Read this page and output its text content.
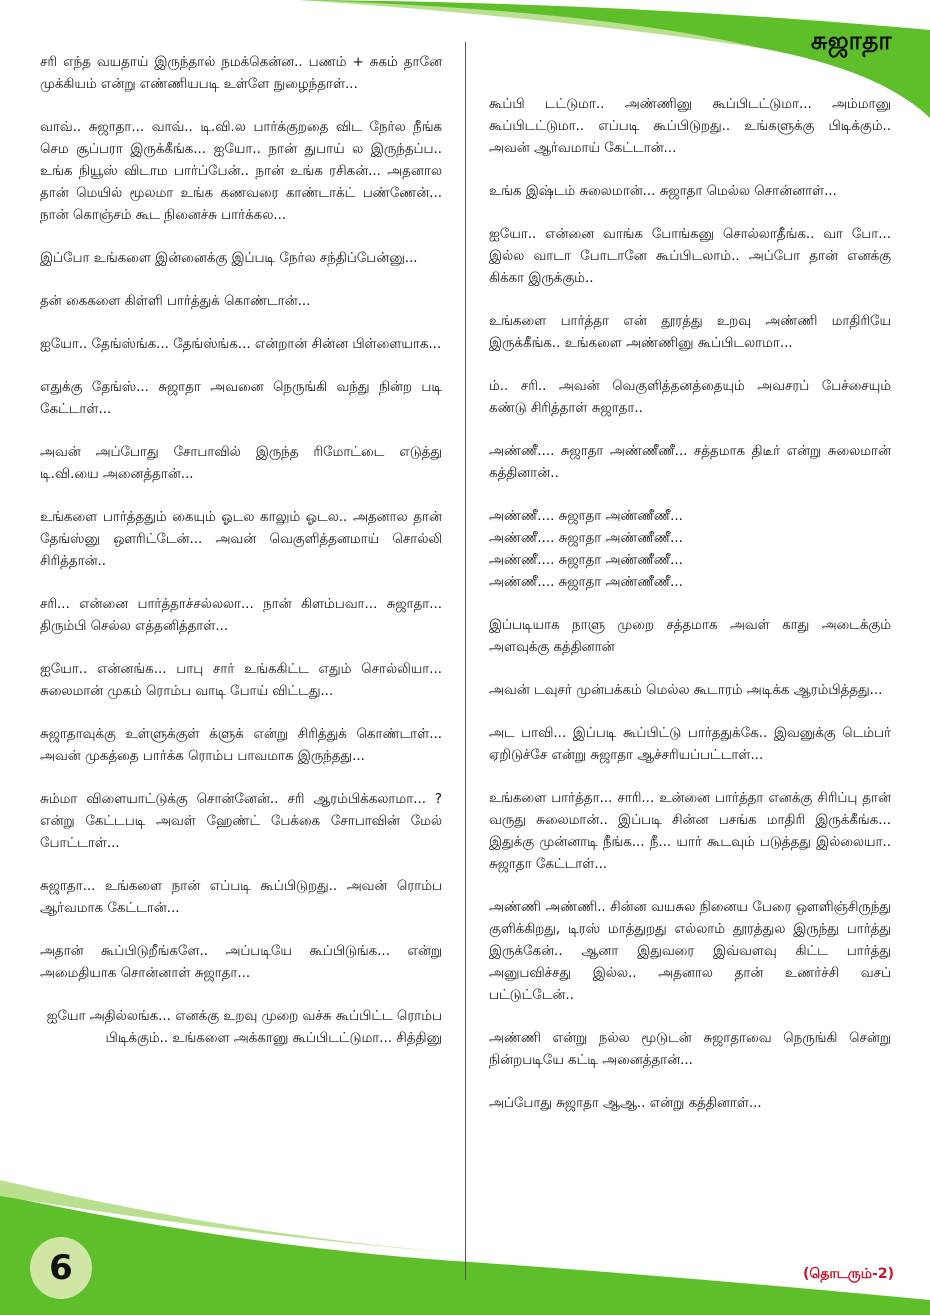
சுஜாதா

சரி எந்த வயதாய் இருந்தால் நமக்கென்ன.. பணம் + சுகம் தானே முக்கியம் என்று எண்ணியபடி உள்ளே நுழைந்தாள்...

வாவ்.. சுஜாதா... வாவ்.. டி.வி.ல பார்க்குறதை விட நேர்ல நீங்க செம சூப்பரா இருக்கீங்க... ஐயோ.. நான் துபாய் ல இருந்தப்ப.. உங்க நியூஸ் விடாம பார்ப்பேன்.. நான் உங்க ரசிகன்... அதனால தான் மெயில் மூலமா உங்க கணவரை காண்டாக்ட் பண்ணேன்... நான் கொஞ்சம் கூட நினைச்சு பார்க்கல...

இப்போ உங்களை இன்னைக்கு இப்படி நேர்ல சந்திப்பேன்னு...

தன் கைகளை கிள்ளி பார்த்துக் கொண்டான்...

ஐயோ.. தேங்ஸ்ங்க... தேங்ஸ்ங்க... என்றான் சின்ன பிள்ளையாக...

எதுக்கு தேங்ஸ்... சுஜாதா அவனை நெருங்கி வந்து நின்ற படி கேட்டாள்...

அவன் அப்போது சோபாவில் இருந்த ரிமோட்டை எடுத்து டி.வி.யை அனைத்தான்...

உங்களை பார்த்ததும் கையும் ஓடல காலும் ஓடல.. அதனால தான் தேங்ஸ்னு ஔரிட்டேன்... அவன் வெகுளித்தனமாய் சொல்லி சிரித்தான்..

சரி... என்னை பார்த்தாச்சல்லலா... நான் கிளம்பவா... சுஜாதா... திரும்பி செல்ல எத்தனித்தாள்...

ஐயோ.. என்னங்க... பாபு சார் உங்ககிட்ட எதும் சொல்லியா... சுலைமான் முகம் ரொம்ப வாடி போய் விட்டது...

சுஜாதாவுக்கு உள்ளுக்குள் க்ளுக் என்று சிரித்துக் கொண்டாள்... அவன் முகத்தை பார்க்க ரொம்ப பாவமாக இருந்தது...

சும்மா விளையாட்டுக்கு சொன்னேன்.. சரி ஆரம்பிக்கலாமா... ? என்று கேட்டபடி அவள் ஹேண்ட் பேக்கை சோபாவின் மேல் போட்டாள்...

சுஜாதா... உங்களை நான் எப்படி கூப்பிடுறது.. அவன் ரொம்ப ஆர்வமாக கேட்டான்...

அதான் கூப்பிடுறீங்களே.. அப்படியே கூப்பிடுங்க... என்று அமைதியாக சொன்னாள் சுஜாதா...

ஐயோ அதில்லங்க... எனக்கு உறவு முறை வச்சு கூப்பிட்ட ரொம்ப பிடிக்கும்.. உங்களை அக்கானு கூப்பிடட்டுமா... சித்தினு

கூப்பி டட்டுமா.. அண்ணினு கூப்பிடட்டுமா... அம்மானு கூப்பிடட்டுமா.. எப்படி கூப்பிடுறது.. உங்களுக்கு பிடிக்கும்.. அவன் ஆர்வமாய் கேட்டான்...

உங்க இஷ்டம் சுலைமான்... சுஜாதா மெல்ல சொன்னாள்...

ஐயோ.. என்னை வாங்க போங்கனு சொல்லாதீங்க.. வா போ... இல்ல வாடா போடானே கூப்பிடலாம்.. அப்போ தான் எனக்கு கிக்கா இருக்கும்..

உங்களை பார்த்தா என் தூரத்து உறவு அண்ணி மாதிரியே இருக்கீங்க.. உங்களை அண்ணினு கூப்பிடலாமா...

ம்.. சரி.. அவன் வெகுளித்தனத்தையும் அவசரப் பேச்சையும் கண்டு சிரித்தாள் சுஜாதா..

அண்ணீ.... சுஜாதா அண்ணீணீ... சத்தமாக திடீர் என்று சுலைமான் கத்தினான்..

அண்ணீ.... சுஜாதா அண்ணீணீ...

அண்ணீ.... சுஜாதா அண்ணீணீ...

அண்ணீ.... சுஜாதா அண்ணீணீ...

அண்ணீ.... சுஜாதா அண்ணீணீ...

இப்படியாக நாளு முறை சத்தமாக அவள் காது அடைக்கும் அளவுக்கு கத்தினான்

அவன் டவுசர் முன்பக்கம் மெல்ல கூடாரம் அடிக்க ஆரம்பித்தது...

அட பாவி... இப்படி கூப்பிட்டு பார்ததுக்கே.. இவனுக்கு டெம்பர் ஏறிடுச்சே என்று சுஜாதா ஆச்சரியப்பட்டாள்...

உங்களை பார்த்தா... சாரி... உன்னை பார்த்தா எனக்கு சிரிப்பு தான் வருது சுலைமான்.. இப்படி சின்ன பசங்க மாதிரி இருக்கீங்க... இதுக்கு முன்னாடி நீங்க... நீ... யார் கூடவும் படுத்தது இல்லையா.. சுஜாதா கேட்டாள்...

அண்ணி அண்ணி.. சின்ன வயசுல நினைய பேரை ஔளிஞ்சிருந்து குளிக்கிறது, டிரஸ் மாத்துறது எல்லாம் தூரத்துல இருந்து பார்த்து இருக்கேன்.. ஆனா இதுவரை இவ்வளவு கிட்ட பார்த்து அனுபவிச்சது இல்ல.. அதனால தான் உணர்ச்சி வசப் பட்டுட்டேன்..

அண்ணி என்று நல்ல மூடுடன் சுஜாதாவை நெருங்கி சென்று நின்றபடியே கட்டி அனைத்தான்...

அப்போது சுஜாதா ஆஆ.. என்று கத்தினாள்...

6	(தொடரும்-2)
